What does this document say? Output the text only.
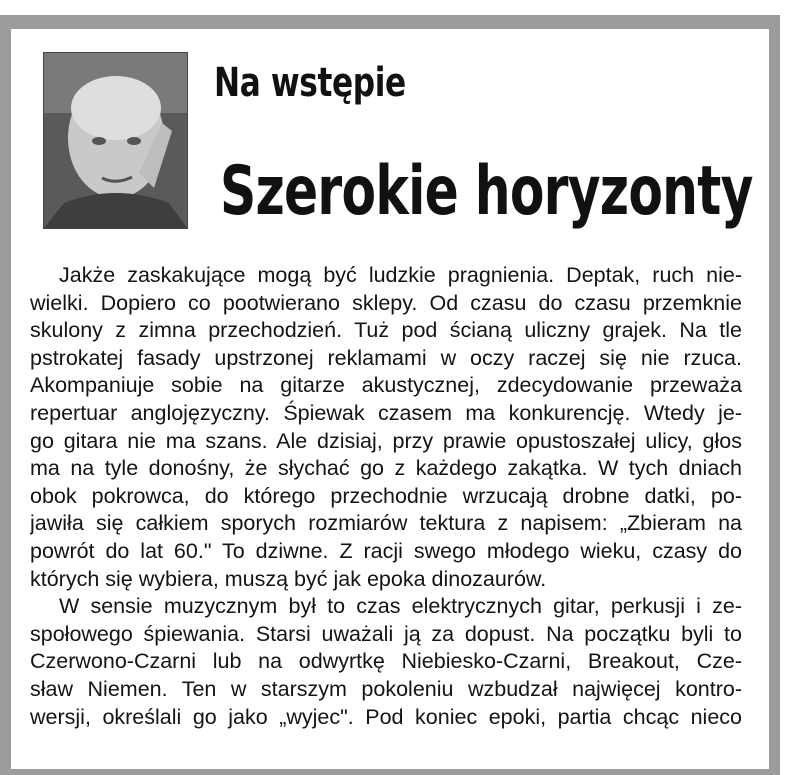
Na wstępie
Szerokie horyzonty
Jakże zaskakujące mogą być ludzkie pragnienia. Deptak, ruch nie-
wielki. Dopiero co pootwierano sklepy. Od czasu do czasu przemknie
skulony z zimna przechodzień. Tuż pod ścianą uliczny grajek. Na tle
pstrokatej fasady upstrzonej reklamami w oczy raczej się nie rzuca.
Akompaniuje sobie na gitarze akustycznej, zdecydowanie przeważa
repertuar anglojęzyczny. Śpiewak czasem ma konkurencję. Wtedy je-
go gitara nie ma szans. Ale dzisiaj, przy prawie opustoszałej ulicy, głos
ma na tyle donośny, że słychać go z każdego zakątka. W tych dniach
obok pokrowca, do którego przechodnie wrzucają drobne datki, po-
jawiła się całkiem sporych rozmiarów tektura z napisem: „Zbieram na
powrót do lat 60." To dziwne. Z racji swego młodego wieku, czasy do
których się wybiera, muszą być jak epoka dinozaurów.
W sensie muzycznym był to czas elektrycznych gitar, perkusji i ze-
społowego śpiewania. Starsi uważali ją za dopust. Na początku byli to
Czerwono-Czarni lub na odwyrtkę Niebiesko-Czarni, Breakout, Cze-
sław Niemen. Ten w starszym pokoleniu wzbudzał najwięcej kontro-
wersji, określali go jako „wyjec". Pod koniec epoki, partia chcąc nieco
